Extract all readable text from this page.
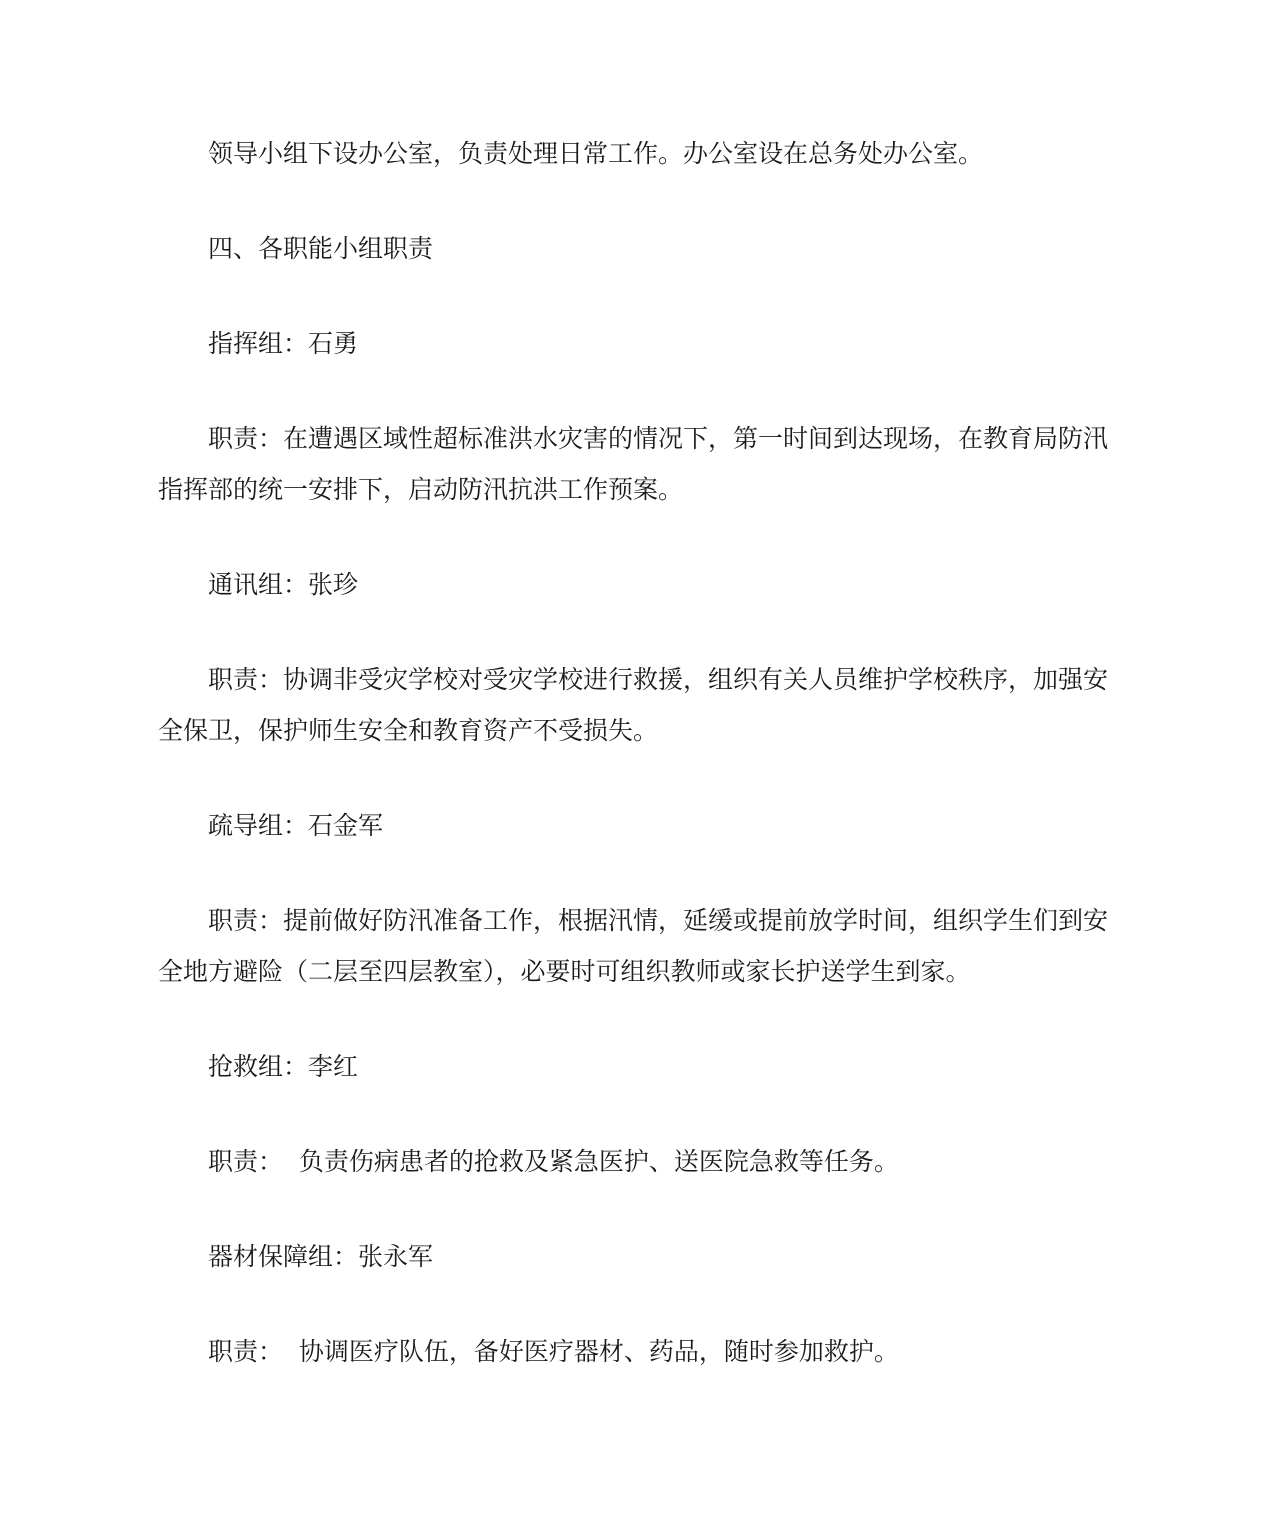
领导小组下设办公室，负责处理日常工作。办公室设在总务处办公室。

四、各职能小组职责

指挥组：石勇

职责：在遭遇区域性超标准洪水灾害的情况下，第一时间到达现场，在教育局防汛指挥部的统一安排下，启动防汛抗洪工作预案。

通讯组：张珍

职责：协调非受灾学校对受灾学校进行救援，组织有关人员维护学校秩序，加强安全保卫，保护师生安全和教育资产不受损失。

疏导组：石金军

职责：提前做好防汛准备工作，根据汛情，延缓或提前放学时间，组织学生们到安全地方避险（二层至四层教室），必要时可组织教师或家长护送学生到家。

抢救组：李红

职责：  负责伤病患者的抢救及紧急医护、送医院急救等任务。

器材保障组：张永军

职责：  协调医疗队伍，备好医疗器材、药品，随时参加救护。
